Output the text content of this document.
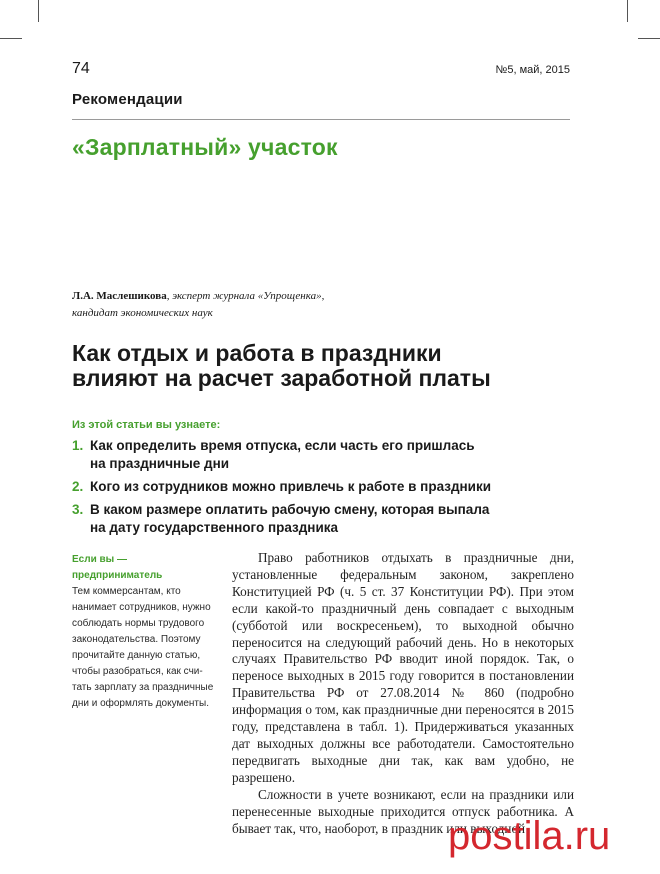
74	№5, май, 2015
Рекомендации
«Зарплатный» участок
Л.А. Маслешикова, эксперт журнала «Упрощенка»,
кандидат экономических наук
Как отдых и работа в праздники
влияют на расчет заработной платы
Из этой статьи вы узнаете:
1. Как определить время отпуска, если часть его пришлась
на праздничные дни
2. Кого из сотрудников можно привлечь к работе в праздники
3. В каком размере оплатить рабочую смену, которая выпала
на дату государственного праздника
Если вы —
предприниматель
Тем коммерсантам, кто
нанимает сотрудников, нужно
соблюдать нормы трудового
законодательства. Поэтому
прочитайте данную статью,
чтобы разобраться, как счи-
тать зарплату за праздничные
дни и оформлять документы.

Право работников отдыхать в праздничные дни, установленные федеральным законом, закреплено Конституцией РФ (ч. 5 ст. 37 Конституции РФ). При этом если какой-то праздничный день совпадает с выходным (субботой или воскресеньем), то выходной обычно переносится на следующий рабочий день. Но в некоторых случаях Правительство РФ вводит иной порядок. Так, о переносе выходных в 2015 году говорится в постановлении Правительства РФ от 27.08.2014 № 860 (подробно информация о том, как праздничные дни переносятся в 2015 году, представлена в табл. 1). Придерживаться указанных дат выходных должны все работодатели. Самостоятельно передвигать выходные дни так, как вам удобно, не разрешено.

Сложности в учете возникают, если на праздники или перенесенные выходные приходится отпуск работника. А бывает так, что, наоборот, в праздник или выходной

postila.ru
